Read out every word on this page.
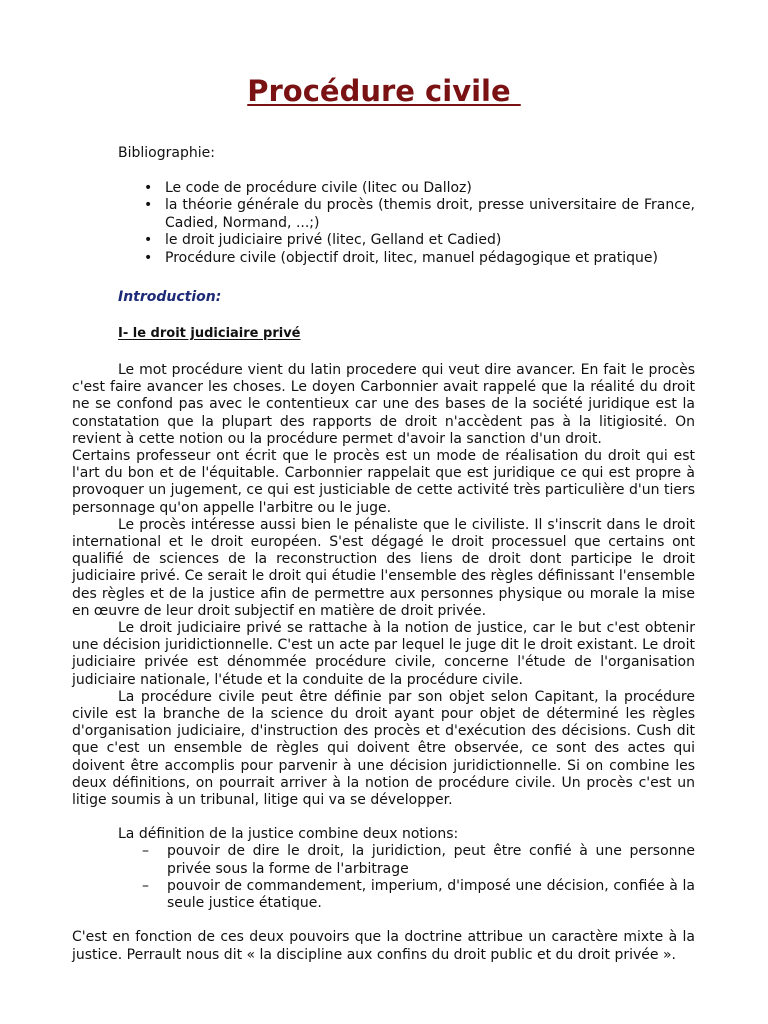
Procédure civile
Bibliographie:
• Le code de procédure civile (litec ou Dalloz)
• la théorie générale du procès (themis droit, presse universitaire de France, Cadied, Normand, ...;)
• le droit judiciaire privé (litec, Gelland et Cadied)
• Procédure civile (objectif droit, litec, manuel pédagogique et pratique)
Introduction:
I- le droit judiciaire privé

Le mot procédure vient du latin procedere qui veut dire avancer. En fait le procès c'est faire avancer les choses. Le doyen Carbonnier avait rappelé que la réalité du droit ne se confond pas avec le contentieux car une des bases de la société juridique est la constatation que la plupart des rapports de droit n'accèdent pas à la litigiosité. On revient à cette notion ou la procédure permet d'avoir la sanction d'un droit.

Certains professeur ont écrit que le procès est un mode de réalisation du droit qui est l'art du bon et de l'équitable. Carbonnier rappelait que est juridique ce qui est propre à provoquer un jugement, ce qui est justiciable de cette activité très particulière d'un tiers personnage qu'on appelle l'arbitre ou le juge.

Le procès intéresse aussi bien le pénaliste que le civiliste. Il s'inscrit dans le droit international et le droit européen. S'est dégagé le droit processuel que certains ont qualifié de sciences de la reconstruction des liens de droit dont participe le droit judiciaire privé. Ce serait le droit qui étudie l'ensemble des règles définissant l'ensemble des règles et de la justice afin de permettre aux personnes physique ou morale la mise en œuvre de leur droit subjectif en matière de droit privée.

Le droit judiciaire privé se rattache à la notion de justice, car le but c'est obtenir une décision juridictionnelle. C'est un acte par lequel le juge dit le droit existant. Le droit judiciaire privée est dénommée procédure civile, concerne l'étude de l'organisation judiciaire nationale, l'étude et la conduite de la procédure civile.

La procédure civile peut être définie par son objet selon Capitant, la procédure civile est la branche de la science du droit ayant pour objet de déterminé les règles d'organisation judiciaire, d'instruction des procès et d'exécution des décisions. Cush dit que c'est un ensemble de règles qui doivent être observée, ce sont des actes qui doivent être accomplis pour parvenir à une décision juridictionnelle. Si on combine les deux définitions, on pourrait arriver à la notion de procédure civile. Un procès c'est un litige soumis à un tribunal, litige qui va se développer.

La définition de la justice combine deux notions:

– pouvoir de dire le droit, la juridiction, peut être confié à une personne privée sous la forme de l'arbitrage
– pouvoir de commandement, imperium, d'imposé une décision, confiée à la seule justice étatique.

C'est en fonction de ces deux pouvoirs que la doctrine attribue un caractère mixte à la justice. Perrault nous dit « la discipline aux confins du droit public et du droit privée ».
